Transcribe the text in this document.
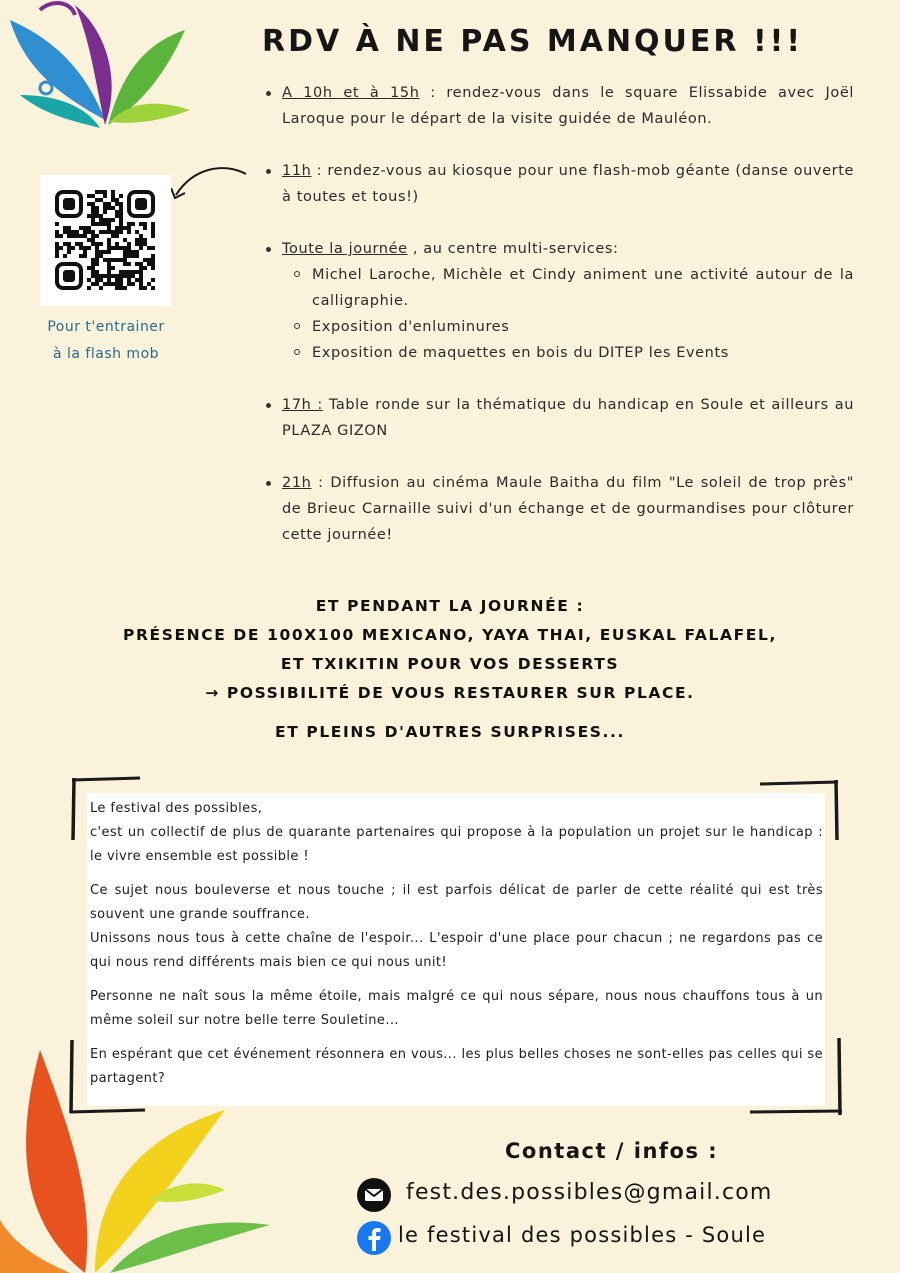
RDV À NE PAS MANQUER !!!
A 10h et à 15h : rendez-vous dans le square Elissabide avec Joël Laroque pour le départ de la visite guidée de Mauléon.
11h : rendez-vous au kiosque pour une flash-mob géante (danse ouverte à toutes et tous!)
Toute la journée , au centre multi-services:
Michel Laroche, Michèle et Cindy animent une activité autour de la calligraphie.
Exposition d'enluminures
Exposition de maquettes en bois du DITEP les Events
17h : Table ronde sur la thématique du handicap en Soule et ailleurs au PLAZA GIZON
21h : Diffusion au cinéma Maule Baitha du film "Le soleil de trop près" de Brieuc Carnaille suivi d'un échange et de gourmandises pour clôturer cette journée!
Pour t'entrainer
à la flash mob
ET PENDANT LA JOURNÉE :
PRÉSENCE DE 100X100 MEXICANO, YAYA THAI, EUSKAL FALAFEL,
ET TXIKITIN POUR VOS DESSERTS
→ POSSIBILITÉ DE VOUS RESTAURER SUR PLACE.
ET PLEINS D'AUTRES SURPRISES...

Le festival des possibles,
c'est un collectif de plus de quarante partenaires qui propose à la population un projet sur le handicap : le vivre ensemble est possible !

Ce sujet nous bouleverse et nous touche ; il est parfois délicat de parler de cette réalité qui est très souvent une grande souffrance.
Unissons nous tous à cette chaîne de l'espoir... L'espoir d'une place pour chacun ; ne regardons pas ce qui nous rend différents mais bien ce qui nous unit!

Personne ne naît sous la même étoile, mais malgré ce qui nous sépare, nous nous chauffons tous à un même soleil sur notre belle terre Souletine...

En espérant que cet événement résonnera en vous... les plus belles choses ne sont-elles pas celles qui se partagent?

Contact / infos :
fest.des.possibles@gmail.com
le festival des possibles - Soule
